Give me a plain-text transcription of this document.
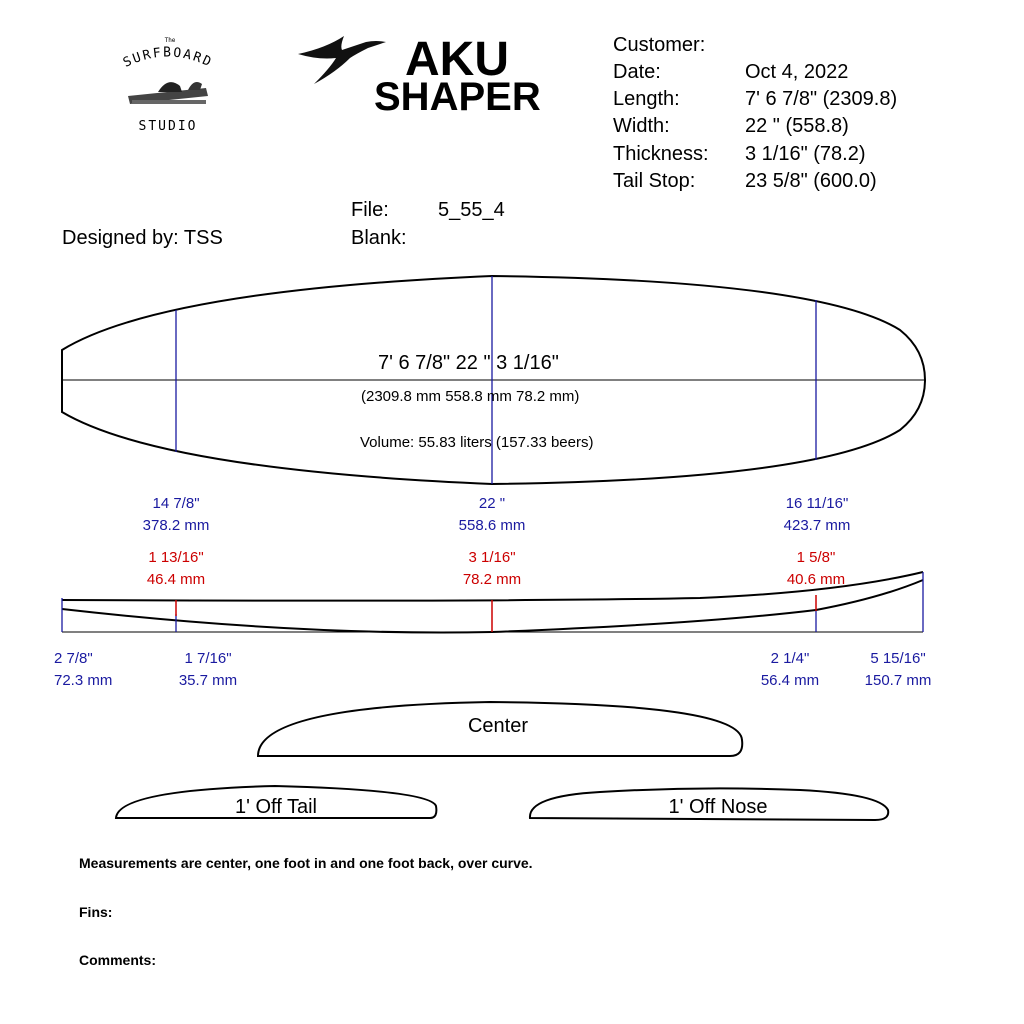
The
SURFBOARD
STUDIO
AKU
SHAPER
Customer:
Date:	Oct 4, 2022
Length:	7' 6 7/8" (2309.8)
Width:	22 " (558.8)
Thickness: 3 1/16" (78.2)
Tail Stop: 23 5/8" (600.0)
File: 5_55_4
Blank:
Designed by: TSS
7' 6 7/8" 22 " 3 1/16"
(2309.8 mm 558.8 mm 78.2 mm)
Volume: 55.83 liters (157.33 beers)
14 7/8"
378.2 mm
22 "
558.6 mm
16 11/16"
423.7 mm
1 13/16"
46.4 mm
3 1/16"
78.2 mm
1 5/8"
40.6 mm
2 7/8"
72.3 mm
1 7/16"
35.7 mm
2 1/4"
56.4 mm
5 15/16"
150.7 mm
Center
1' Off Tail	1' Off Nose
Measurements are center, one foot in and one foot back, over curve.
Fins:
Comments:
